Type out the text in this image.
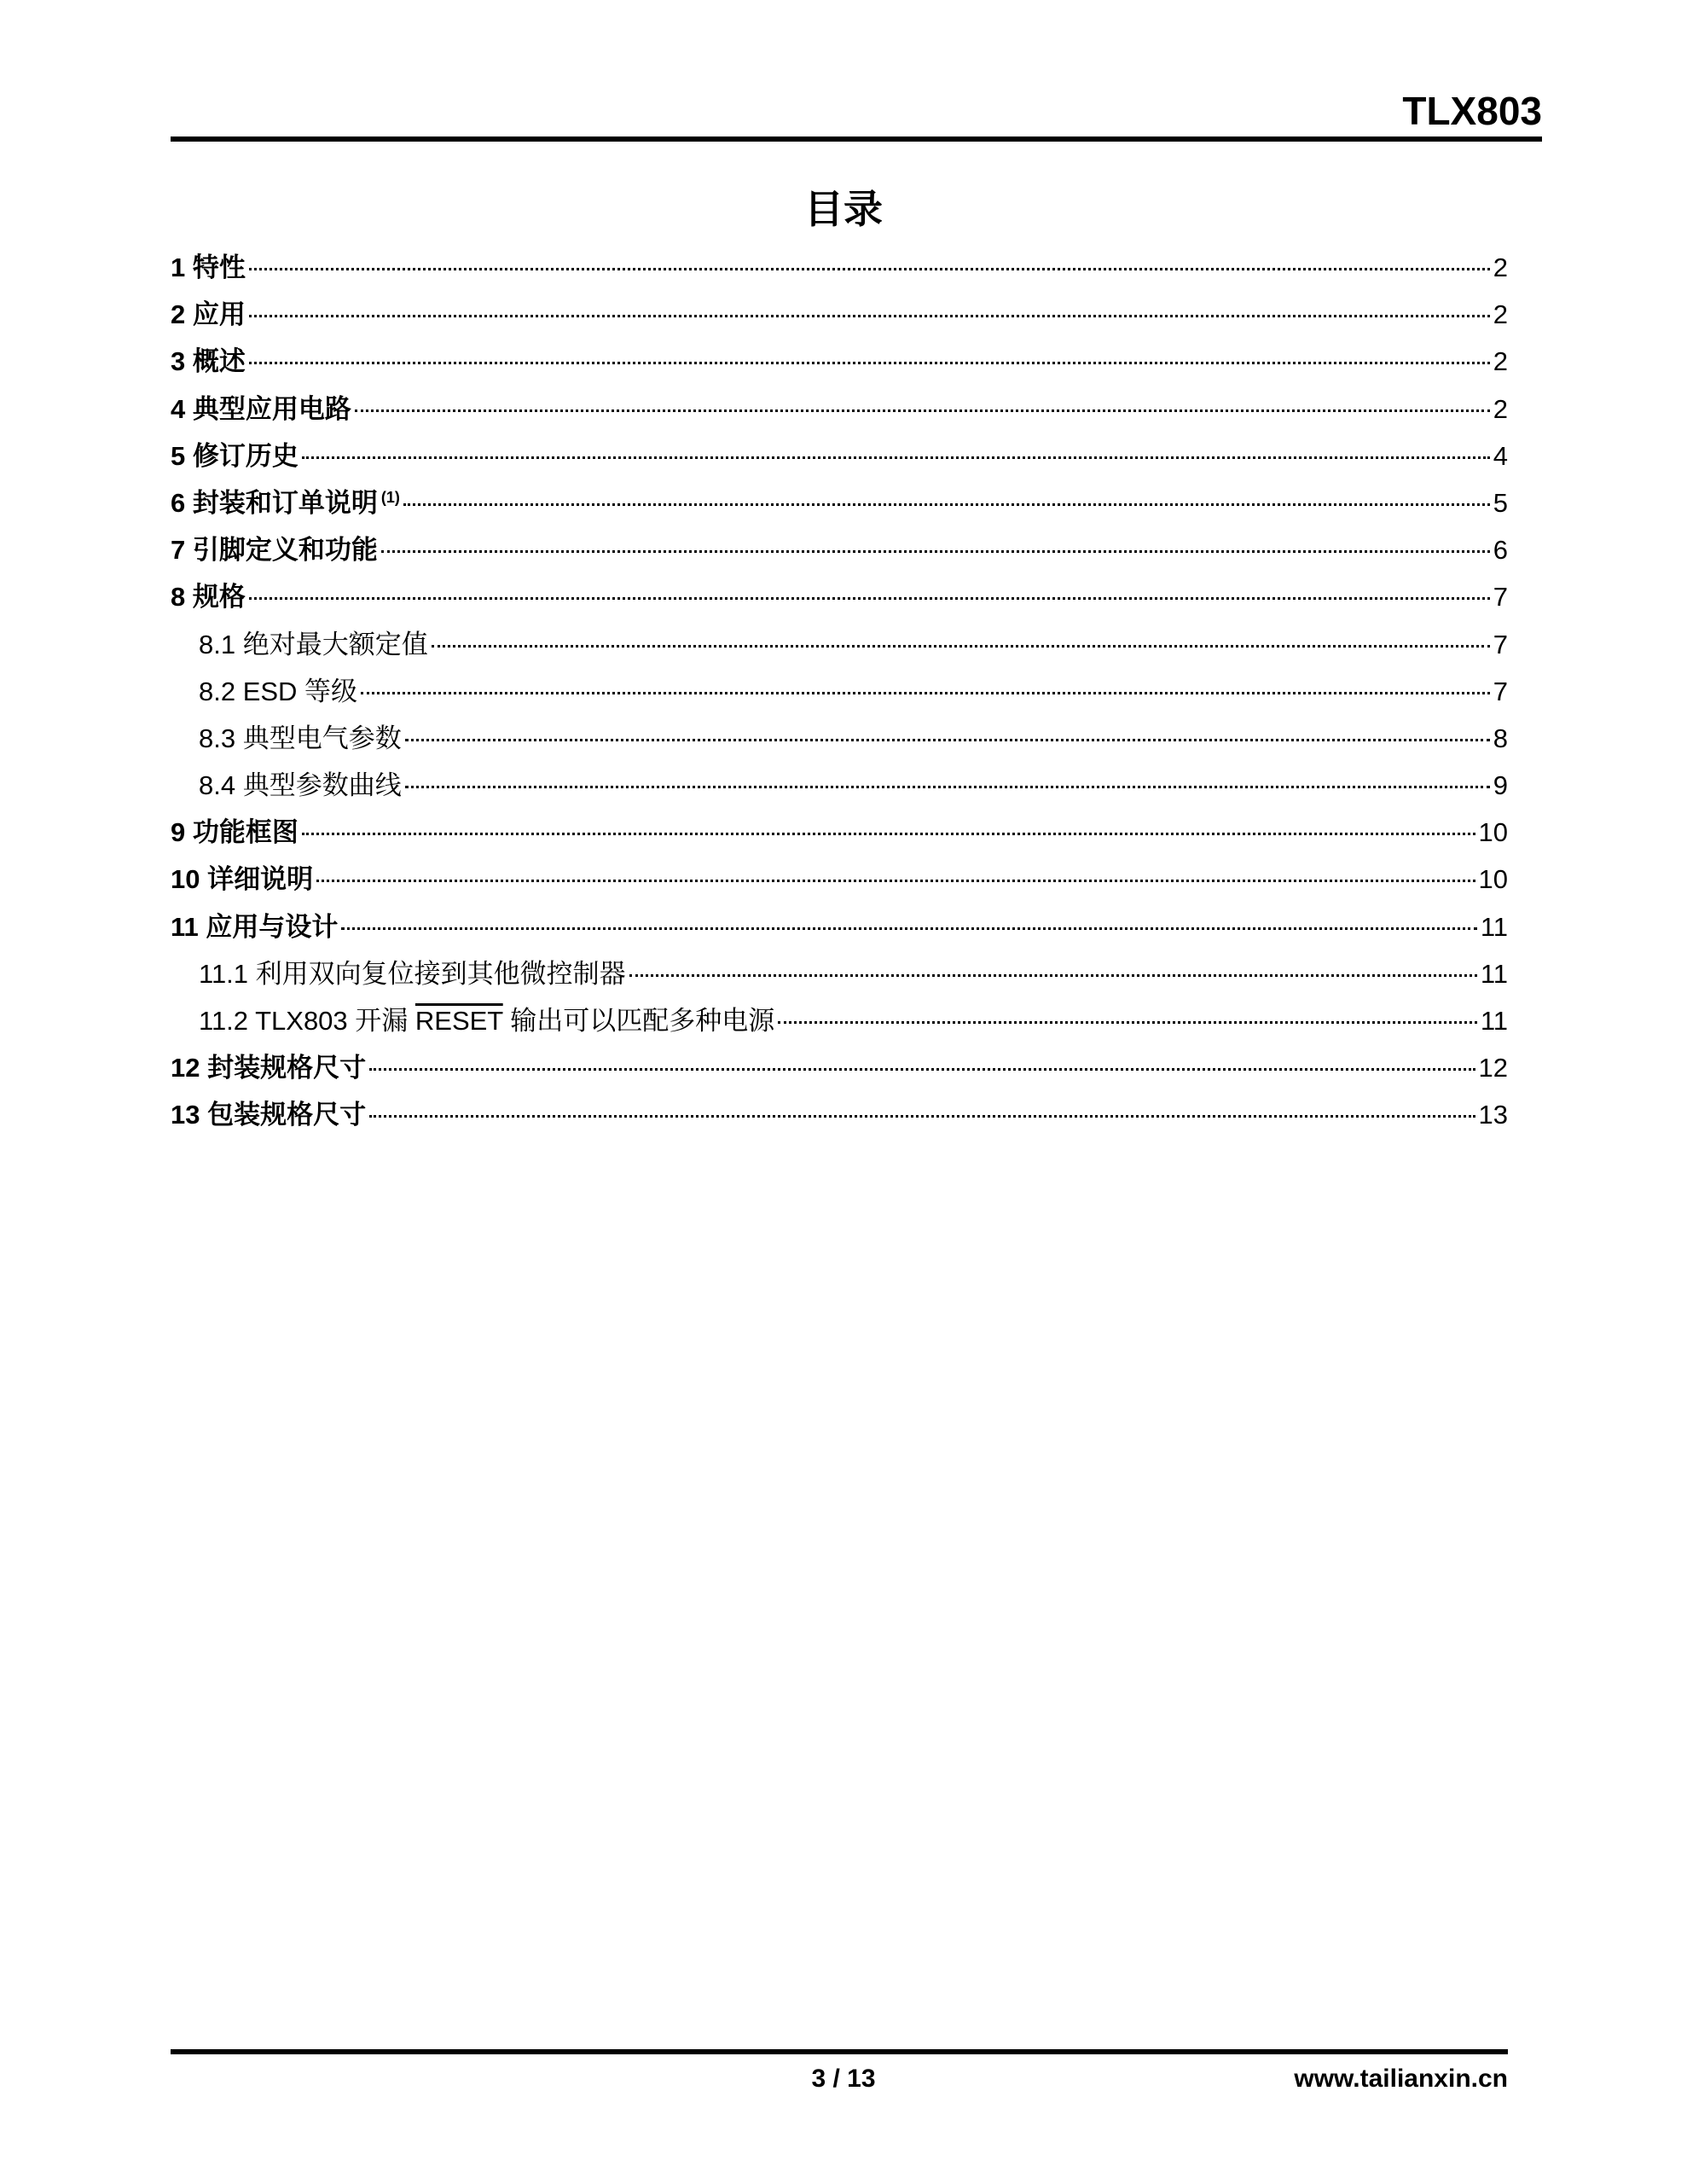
TLX803
目录
1 特性	2
2 应用	2
3 概述	2
4 典型应用电路	2
5 修订历史	4
6 封装和订单说明 $^{(1)}$	5
7 引脚定义和功能	6
8 规格	7
8.1 绝对最大额定值	7
8.2 ESD 等级	7
8.3 典型电气参数	8
8.4 典型参数曲线	9
9 功能框图	10
10 详细说明	10
11 应用与设计	11
11.1 利用双向复位接到其他微控制器	11
11.2 TLX803 开漏 RESET 输出可以匹配多种电源	11
12 封装规格尺寸	12
13 包装规格尺寸	13
3 / 13	www.tailianxin.cn
